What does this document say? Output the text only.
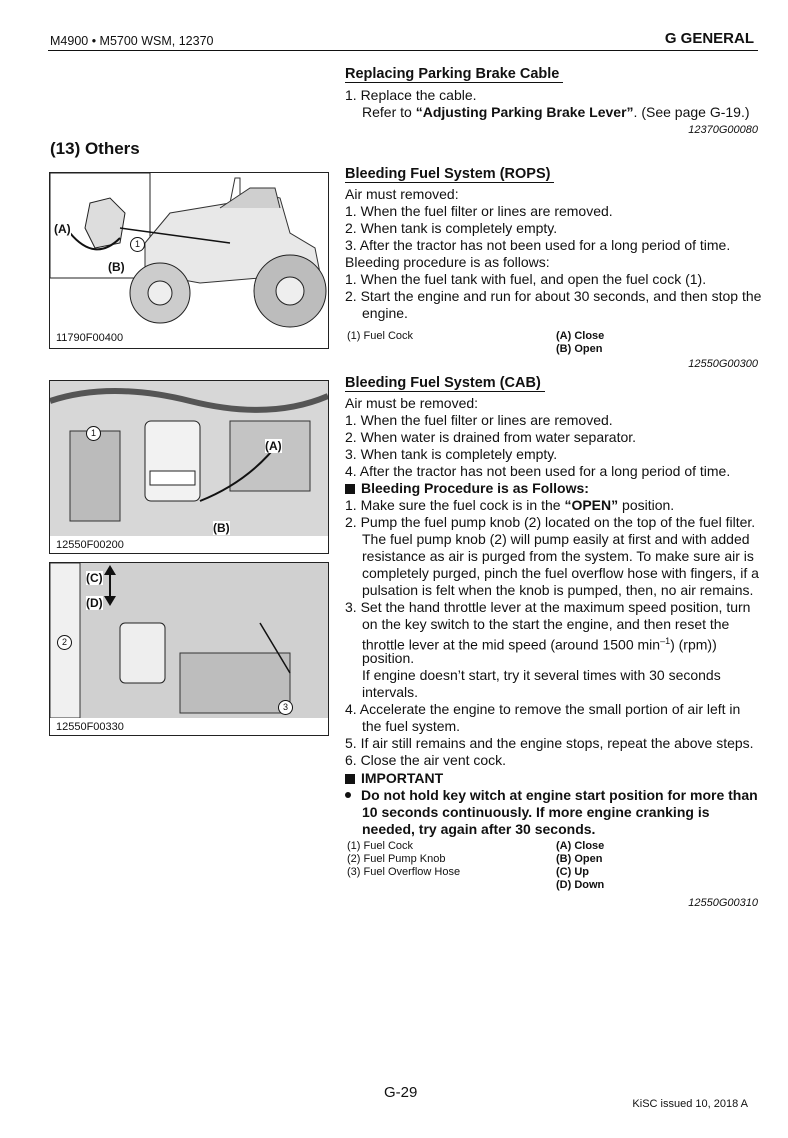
M4900 • M5700 WSM, 12370	G GENERAL
Replacing Parking Brake Cable
1. Replace the cable.
Refer to “Adjusting Parking Brake Lever”. (See page G-19.)
12370G00080
(13) Others
(A)
(B)
1
11790F00400
Bleeding Fuel System (ROPS)
Air must removed:
1. When the fuel filter or lines are removed.
2. When tank is completely empty.
3. After the tractor has not been used for a long period of time.
Bleeding procedure is as follows:
1. When the fuel tank with fuel, and open the fuel cock (1).
2. Start the engine and run for about 30 seconds, and then stop the
engine.
(1) Fuel Cock	(A) Close
(B) Open
12550G00300
(A)
(B)
1
12550F00200
(C)
(D)
2
3
12550F00330
Bleeding Fuel System (CAB)
Air must be removed:
1. When the fuel filter or lines are removed.
2. When water is drained from water separator.
3. When tank is completely empty.
4. After the tractor has not been used for a long period of time.
Bleeding Procedure is as Follows:
1. Make sure the fuel cock is in the “OPEN” position.
2. Pump the fuel pump knob (2) located on the top of the fuel filter.
The fuel pump knob (2) will pump easily at first and with added
resistance as air is purged from the system. To make sure air is
completely purged, pinch the fuel overflow hose with fingers, if a
pulsation is felt when the knob is pumped, then, no air remains.
3. Set the hand throttle lever at the maximum speed position, turn
on the key switch to the start the engine, and then reset the
throttle lever at the mid speed (around 1500 $\min^{-1}$) (rpm))
position.
If engine doesn’t start, try it several times with 30 seconds
intervals.
4. Accelerate the engine to remove the small portion of air left in
the fuel system.
5. If air still remains and the engine stops, repeat the above steps.
6. Close the air vent cock.
IMPORTANT
Do not hold key witch at engine start position for more than
10 seconds continuously. If more engine cranking is
needed, try again after 30 seconds.
(1) Fuel Cock
(2) Fuel Pump Knob
(3) Fuel Overflow Hose
(A) Close
(B) Open
(C) Up
(D) Down
12550G00310
G-29
KiSC issued 10, 2018 A
